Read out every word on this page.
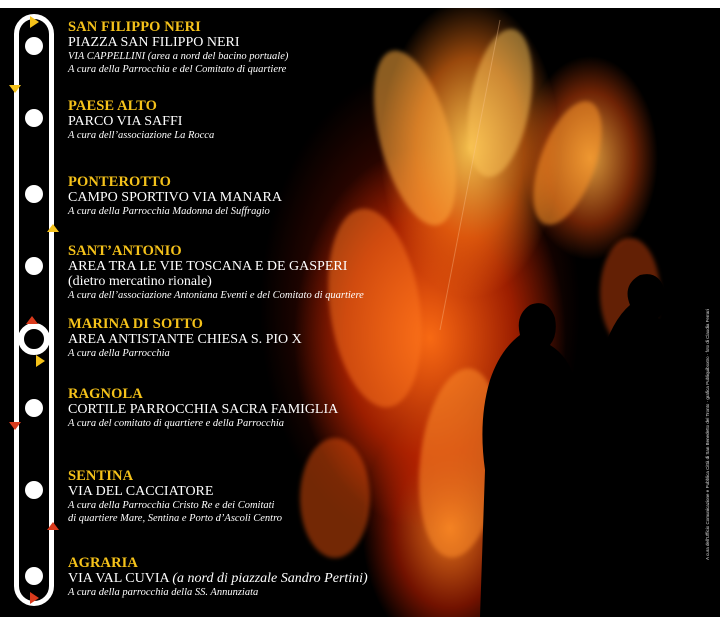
SAN FILIPPO NERI
PIAZZA SAN FILIPPO NERI
VIA CAPPELLINI (area a nord del bacino portuale)
A cura della Parrocchia e del Comitato di quartiere
PAESE ALTO
PARCO VIA SAFFI
A cura dell’associazione La Rocca
PONTEROTTO
CAMPO SPORTIVO VIA MANARA
A cura della Parrocchia Madonna del Suffragio
SANT’ANTONIO
AREA TRA LE VIE TOSCANA E DE GASPERI
(dietro mercatino rionale)
A cura dell’associazione Antoniana Eventi e del Comitato di quartiere
MARINA DI SOTTO
AREA ANTISTANTE CHIESA S. PIO X
A cura della Parrocchia
RAGNOLA
CORTILE PARROCCHIA SACRA FAMIGLIA
A cura del comitato di quartiere e della Parrocchia
SENTINA
VIA DEL CACCIATORE
A cura della Parrocchia Cristo Re e dei Comitati
di quartiere Mare, Sentina e Porto d’Ascoli Centro
AGRARIA
VIA VAL CUVIA (a nord di piazzale Sandro Pertini)
A cura della parrocchia della SS. Annunziata
A cura dell'Ufficio Comunicazione e Pubblica Città di San Benedetto del Tronto · grafica Publiquiboxtro · foto di Claudia Ferrari
